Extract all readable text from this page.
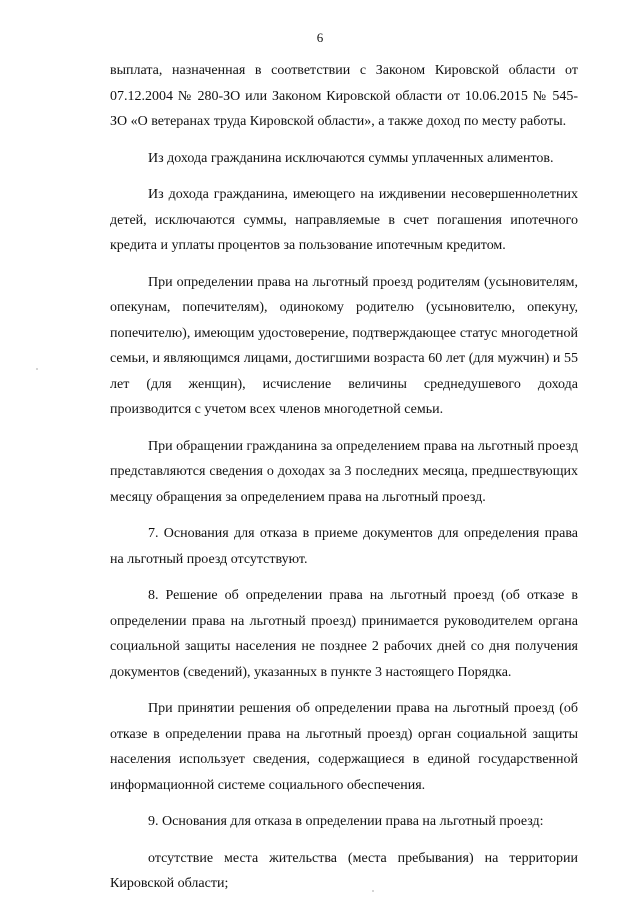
6

выплата, назначенная в соответствии с Законом Кировской области от 07.12.2004 № 280-ЗО или Законом Кировской области от 10.06.2015 № 545-ЗО «О ветеранах труда Кировской области», а также доход по месту работы.

Из дохода гражданина исключаются суммы уплаченных алиментов.

Из дохода гражданина, имеющего на иждивении несовершеннолетних детей, исключаются суммы, направляемые в счет погашения ипотечного кредита и уплаты процентов за пользование ипотечным кредитом.

При определении права на льготный проезд родителям (усыновителям, опекунам, попечителям), одинокому родителю (усыновителю, опекуну, попечителю), имеющим удостоверение, подтверждающее статус многодетной семьи, и являющимся лицами, достигшими возраста 60 лет (для мужчин) и 55 лет (для женщин), исчисление величины среднедушевого дохода производится с учетом всех членов многодетной семьи.

При обращении гражданина за определением права на льготный проезд представляются сведения о доходах за 3 последних месяца, предшествующих месяцу обращения за определением права на льготный проезд.

7. Основания для отказа в приеме документов для определения права на льготный проезд отсутствуют.

8. Решение об определении права на льготный проезд (об отказе в определении права на льготный проезд) принимается руководителем органа социальной защиты населения не позднее 2 рабочих дней со дня получения документов (сведений), указанных в пункте 3 настоящего Порядка.

При принятии решения об определении права на льготный проезд (об отказе в определении права на льготный проезд) орган социальной защиты населения использует сведения, содержащиеся в единой государственной информационной системе социального обеспечения.

9. Основания для отказа в определении права на льготный проезд:

отсутствие места жительства (места пребывания) на территории Кировской области;
